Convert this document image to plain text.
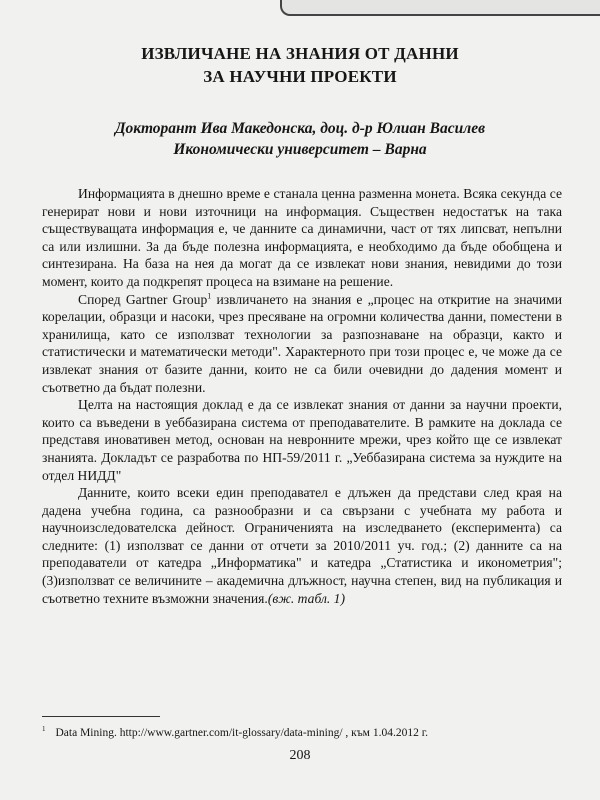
ИЗВЛИЧАНЕ НА ЗНАНИЯ ОТ ДАННИ
ЗА НАУЧНИ ПРОЕКТИ
Докторант Ива Македонска, доц. д-р Юлиан Василев
Икономически университет – Варна

Информацията в днешно време е станала ценна разменна монета. Всяка секунда се генерират нови и нови източници на информация. Съществен недостатък на така съществуващата информация е, че данните са динамични, част от тях липсват, непълни са или излишни. За да бъде полезна информацията, е необходимо да бъде обобщена и синтезирана. На база на нея да могат да се извлекат нови знания, невидими до този момент, които да подкрепят процеса на взимане на решение.

Според Gartner Group$^1$ извличането на знания е „процес на откритие на значими корелации, образци и насоки, чрез пресяване на огромни количества данни, поместени в хранилища, като се използват технологии за разпознаване на образци, както и статистически и математически методи". Характерното при този процес е, че може да се извлекат знания от базите данни, които не са били очевидни до дадения момент и съответно да бъдат полезни.

Целта на настоящия доклад е да се извлекат знания от данни за научни проекти, които са въведени в уеббазирана система от преподавателите. В рамките на доклада се представя иновативен метод, основан на невронните мрежи, чрез който ще се извлекат знанията. Докладът се разработва по НП-59/2011 г. „Уеббазирана система за нуждите на отдел НИДД"

Данните, които всеки един преподавател е длъжен да представи след края на дадена учебна година, са разнообразни и са свързани с учебната му работа и научноизследователска дейност. Ограниченията на изследването (експеримента) са следните: (1) използват се данни от отчети за 2010/2011 уч. год.; (2) данните са на преподаватели от катедра „Информатика" и катедра „Статистика и иконометрия"; (3)използват се величините – академична длъжност, научна степен, вид на публикация и съответно техните възможни значения.(вж. табл. 1)

$^1$ Data Mining. http://www.gartner.com/it-glossary/data-mining/ , към 1.04.2012 г.
208
